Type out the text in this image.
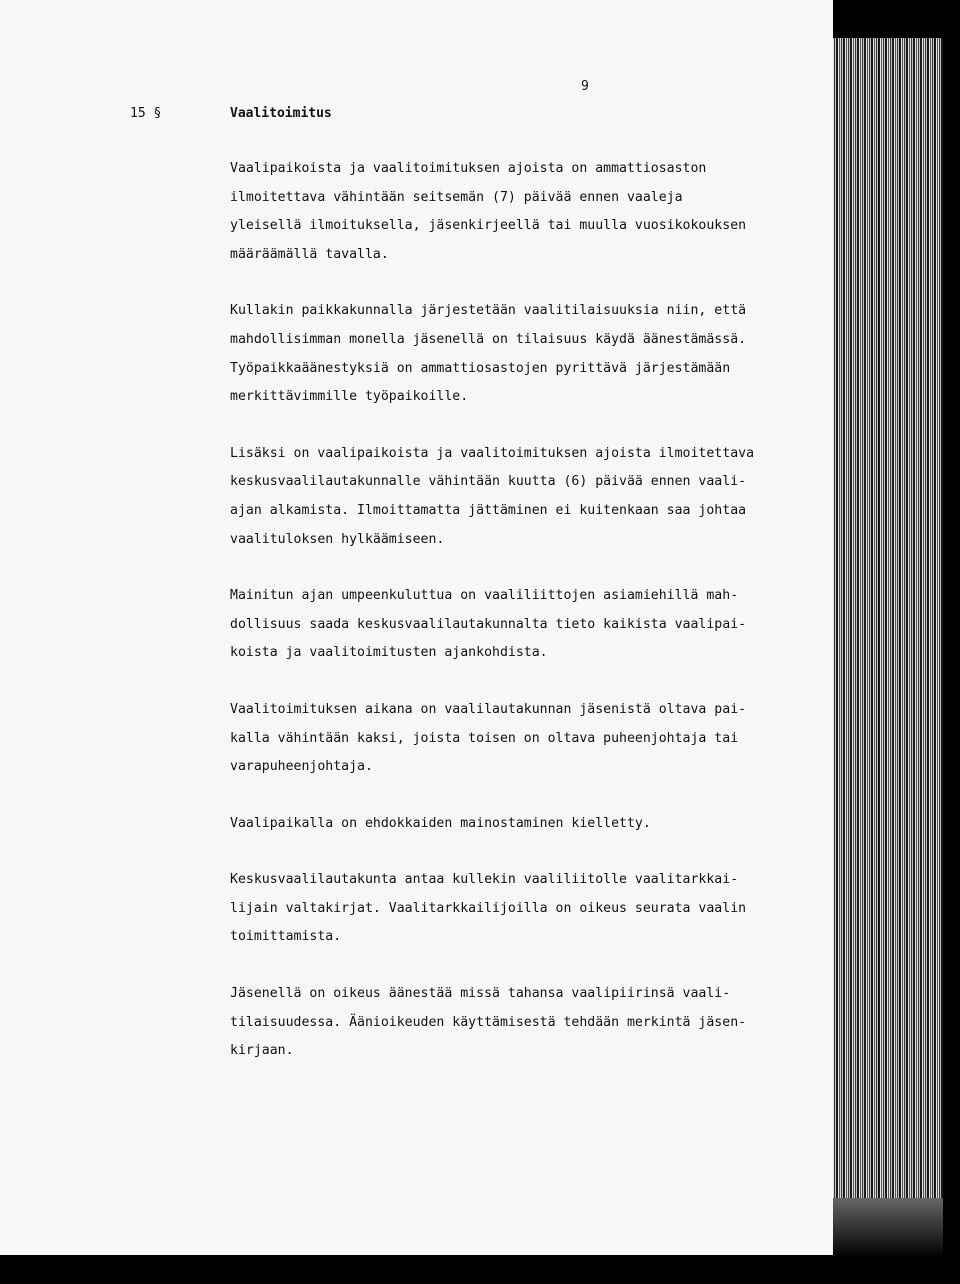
9
15 §	Vaalitoimitus

Vaalipaikoista ja vaalitoimituksen ajoista on ammattiosaston
ilmoitettava vähintään seitsemän (7) päivää ennen vaaleja
yleisellä ilmoituksella, jäsenkirjeellä tai muulla vuosikokouksen
määräämällä tavalla.

Kullakin paikkakunnalla järjestetään vaalitilaisuuksia niin, että
mahdollisimman monella jäsenellä on tilaisuus käydä äänestämässä.
Työpaikkaäänestyksiä on ammattiosastojen pyrittävä järjestämään
merkittävimmille työpaikoille.

Lisäksi on vaalipaikoista ja vaalitoimituksen ajoista ilmoitettava
keskusvaalilautakunnalle vähintään kuutta (6) päivää ennen vaali-
ajan alkamista. Ilmoittamatta jättäminen ei kuitenkaan saa johtaa
vaalituloksen hylkäämiseen.

Mainitun ajan umpeenkuluttua on vaaliliittojen asiamiehillä mah-
dollisuus saada keskusvaalilautakunnalta tieto kaikista vaalipai-
koista ja vaalitoimitusten ajankohdista.

Vaalitoimituksen aikana on vaalilautakunnan jäsenistä oltava pai-
kalla vähintään kaksi, joista toisen on oltava puheenjohtaja tai
varapuheenjohtaja.

Vaalipaikalla on ehdokkaiden mainostaminen kielletty.

Keskusvaalilautakunta antaa kullekin vaaliliitolle vaalitarkkai-
lijain valtakirjat. Vaalitarkkailijoilla on oikeus seurata vaalin
toimittamista.

Jäsenellä on oikeus äänestää missä tahansa vaalipiirinsä vaali-
tilaisuudessa. Äänioikeuden käyttämisestä tehdään merkintä jäsen-
kirjaan.
